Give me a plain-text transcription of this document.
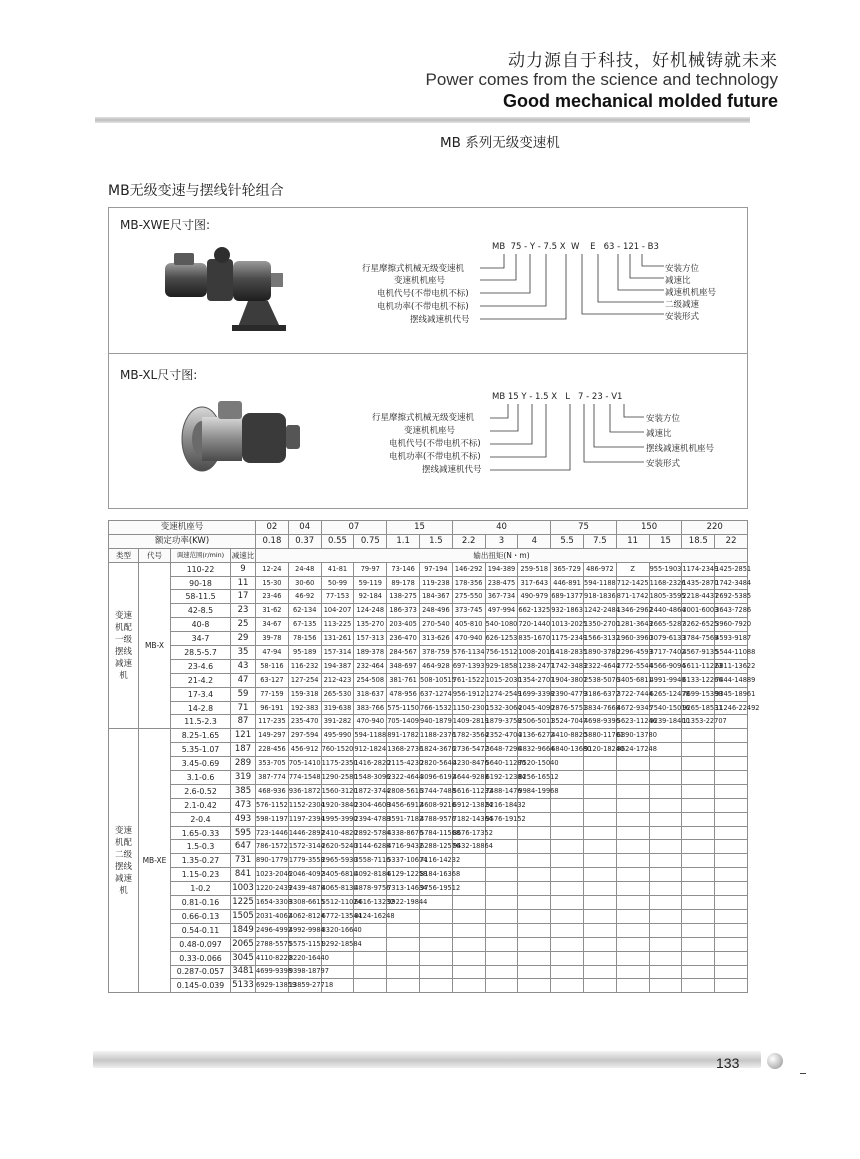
动力源自于科技，好机械铸就未来
Power comes from the science and technology
Good mechanical molded future
MB 系列无级变速机
MB无级变速与摆线针轮组合
MB-XWE尺寸图:
MB  75 - Y - 7.5 X  W    E   63 - 121 - B3
行星摩擦式机械无级变速机
变速机机座号
电机代号(不带电机不标)
电机功率(不带电机不标)
摆线减速机代号
安装方位
减速比
减速机机座号
二级减速
安装形式
MB-XL尺寸图:
MB 15 Y - 1.5 X   L   7 - 23 - V1
行星摩擦式机械无级变速机
变速机机座号
电机代号(不带电机不标)
电机功率(不带电机不标)
摆线减速机代号
安装方位
减速比
摆线减速机机座号
安装形式
变速机座号				02	04	07		15		40			75		150		220	
额定功率(KW)				0.18	0.37	0.55	0.75	1.1	1.5	2.2	3	4	5.5	7.5	11	15	18.5	22
类型	代号	调速范围(r/min)	减速比	输出扭矩(N・m)														
变速机配一级摆线减速机	MB-X	110-22	9	12-24	24-48	41-81	79-97	73-146	97-194	146-292	194-389	259-518	365-729	486-972	Z	955-1903	1174-2349	1425-2851
		90-18	11	15-30	30-60	50-99	59-119	89-178	119-238	178-356	238-475	317-643	446-891	594-1188	712-1425	1168-2326	1435-2870	1742-3484
		58-11.5	17	23-46	46-92	77-153	92-184	138-275	184-367	275-550	367-734	490-979	689-1377	918-1836	871-1742	1805-3595	2218-4437	2692-5385
		42-8.5	23	31-62	62-134	104-207	124-248	186-373	248-496	373-745	497-994	662-1325	932-1863	1242-2484	1346-2962	2440-4864	3001-6003	3643-7286
		40-8	25	34-67	67-135	113-225	135-270	203-405	270-540	405-810	540-1080	720-1440	1013-2025	1350-2700	1281-3643	2665-5287	3262-6525	3960-7920
		34-7	29	39-78	78-156	131-261	157-313	236-470	313-626	470-940	626-1253	835-1670	1175-2349	1566-3132	1960-3960	3079-6133	3784-7569	4593-9187
		28.5-5.7	35	47-94	95-189	157-314	189-378	284-567	378-759	576-1134	756-1512	1008-2016	1418-2835	1890-3780	2296-4593	3717-7402	4567-9135	5544-11088
		23-4.6	43	58-116	116-232	194-387	232-464	348-697	464-928	697-1393	929-1858	1238-2477	1742-3483	2322-4644	2772-5544	4566-9094	5611-11223	6811-13622
		21-4.2	47	63-127	127-254	212-423	254-508	381-761	508-10515	761-1522	1015-2030	1354-2707	1904-3807	2538-5076	3405-6811	4991-9940	6133-12266	7444-14889
		17-3.4	59	77-159	159-318	265-530	318-637	478-956	637-1274	956-1912	1274-2549	1699-3398	2390-4779	3186-6372	3722-7444	6265-12478	7699-15398	9345-18961
		14-2.8	71	96-191	192-383	319-638	383-766	575-1150	766-1532	1150-2300	1532-3064	2045-4090	2876-5751	3834-7668	4672-9345	7540-15016	9265-18531	11246-22492
		11.5-2.3	87	117-235	235-470	391-282	470-940	705-1409	940-1879	1409-2819	1879-3758	2506-5011	3524-7047	4698-9396	5623-11246	9239-18400	11353-22707	
变速机配二级摆线减速机	MB-XE	8.25-1.65	121	149-297	297-594	495-990	594-1188	891-1782	1188-2376	1782-3564	2352-4704	3136-6272	4410-8820	5880-11761	6890-13780			
		5.35-1.07	187	228-456	456-912	760-1520	912-1824	1368-2736	1824-3676	2736-5472	3648-7296	4832-9664	6840-13680	9120-18240	8624-17248			
		3.45-0.69	289	353-705	705-1410	1175-2350	1416-2820	2115-4230	2820-5640	4230-8476	5640-11280	7520-15040						
		3.1-0.6	319	387-774	774-1548	1290-2580	1548-3096	2322-4644	3096-6192	4644-9288	6192-12384	8256-16512						
		2.6-0.52	385	468-936	936-1872	1560-3120	1872-3744	2808-5616	3744-7488	5616-11232	7488-1476	9984-19968						
		2.1-0.42	473	576-1152	1152-2304	1920-3840	2304-4608	3456-6912	4608-9216	6912-13824	9216-18432							
		2-0.4	493	598-1197	1197-2394	1995-3990	2394-4788	3591-7182	4788-9576	7182-14364	9576-19152							
		1.65-0.33	595	723-1446	1446-2892	2410-4820	2892-5784	4338-8676	5784-11568	8676-17352								
		1.5-0.3	647	786-1572	1572-3144	2620-5240	3144-6288	4716-9432	6288-12576	9432-18864								
		1.35-0.27	731	890-1779	1779-3558	2965-5930	3558-7116	5337-10674	7116-14232									
		1.15-0.23	841	1023-2046	2046-4092	3405-6810	4092-8184	6129-12258	8184-16368									
		1-0.2	1003	1220-2439	2439-4878	4065-8130	4878-9756	7313-14634	9756-19512									
		0.81-0.16	1225	1654-3308	3308-6615	5512-11024	6616-13232	9922-19844										
		0.66-0.13	1505	2031-4062	4062-8124	6772-13544	8124-16248											
		0.54-0.11	1849	2496-4992	4992-9984	8320-16640												
		0.48-0.097	2065	2788-5575	5575-1151	9292-18584												
		0.33-0.066	3045	4110-8220	8220-16440													
		0.287-0.057	3481	4699-9398	9398-18797													
		0.145-0.039	5133	6929-13859	13859-27718													
133
